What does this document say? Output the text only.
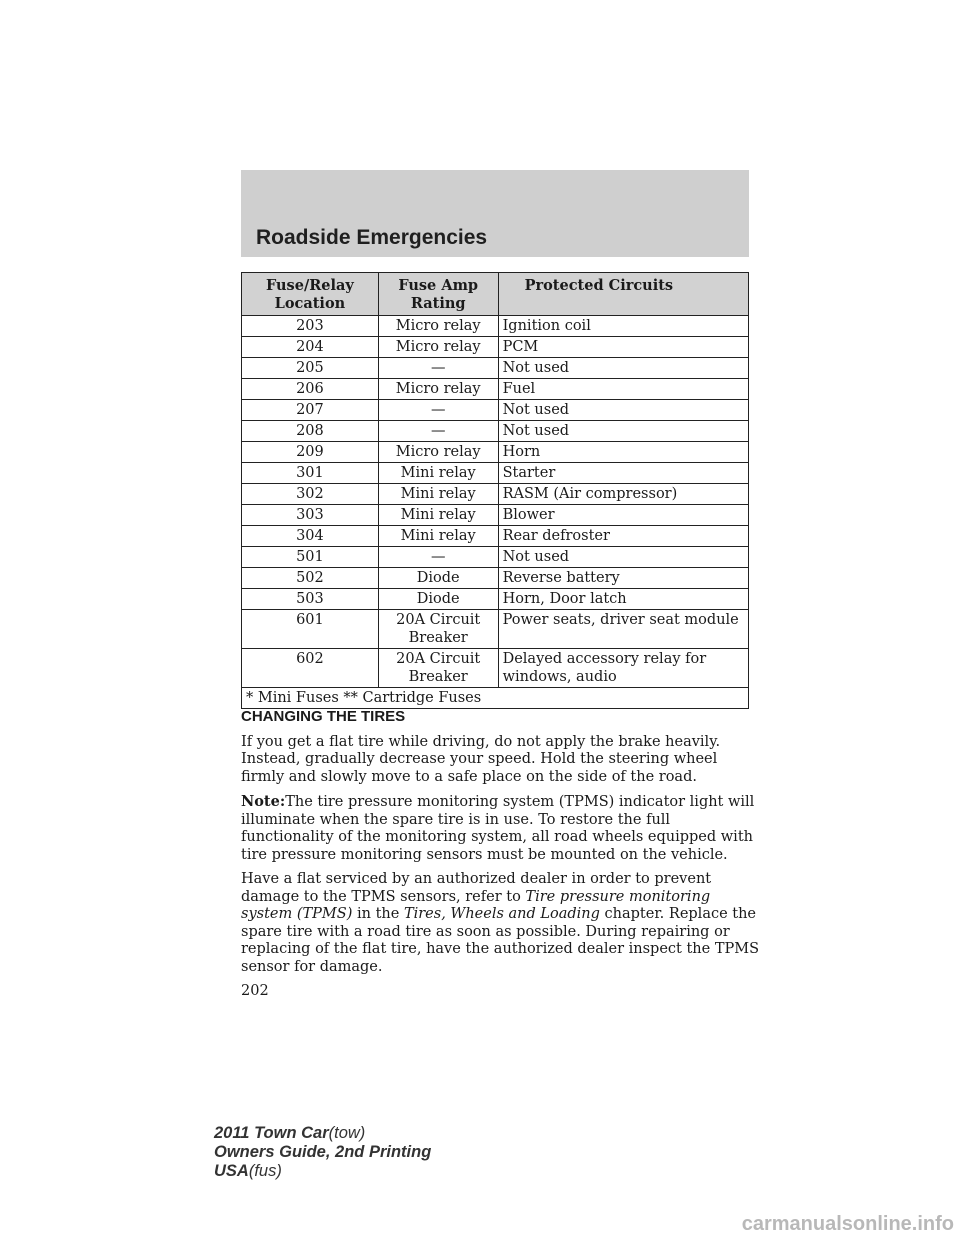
Roadside Emergencies
Fuse/Relay Location	Fuse Amp Rating	Protected Circuits
203	Micro relay	Ignition coil
204	Micro relay	PCM
205	—	Not used
206	Micro relay	Fuel
207	—	Not used
208	—	Not used
209	Micro relay	Horn
301	Mini relay	Starter
302	Mini relay	RASM (Air compressor)
303	Mini relay	Blower
304	Mini relay	Rear defroster
501	—	Not used
502	Diode	Reverse battery
503	Diode	Horn, Door latch
601	20A Circuit Breaker	Power seats, driver seat module
602	20A Circuit Breaker	Delayed accessory relay for windows, audio
* Mini Fuses ** Cartridge Fuses		
CHANGING THE TIRES

If you get a flat tire while driving, do not apply the brake heavily. Instead, gradually decrease your speed. Hold the steering wheel firmly and slowly move to a safe place on the side of the road.

Note:The tire pressure monitoring system (TPMS) indicator light will illuminate when the spare tire is in use. To restore the full functionality of the monitoring system, all road wheels equipped with tire pressure monitoring sensors must be mounted on the vehicle.

Have a flat serviced by an authorized dealer in order to prevent damage to the TPMS sensors, refer to Tire pressure monitoring system (TPMS) in the Tires, Wheels and Loading chapter. Replace the spare tire with a road tire as soon as possible. During repairing or replacing of the flat tire, have the authorized dealer inspect the TPMS sensor for damage.

202
2011 Town Car(tow)
Owners Guide, 2nd Printing
USA(fus)
carmanualsonline.info
